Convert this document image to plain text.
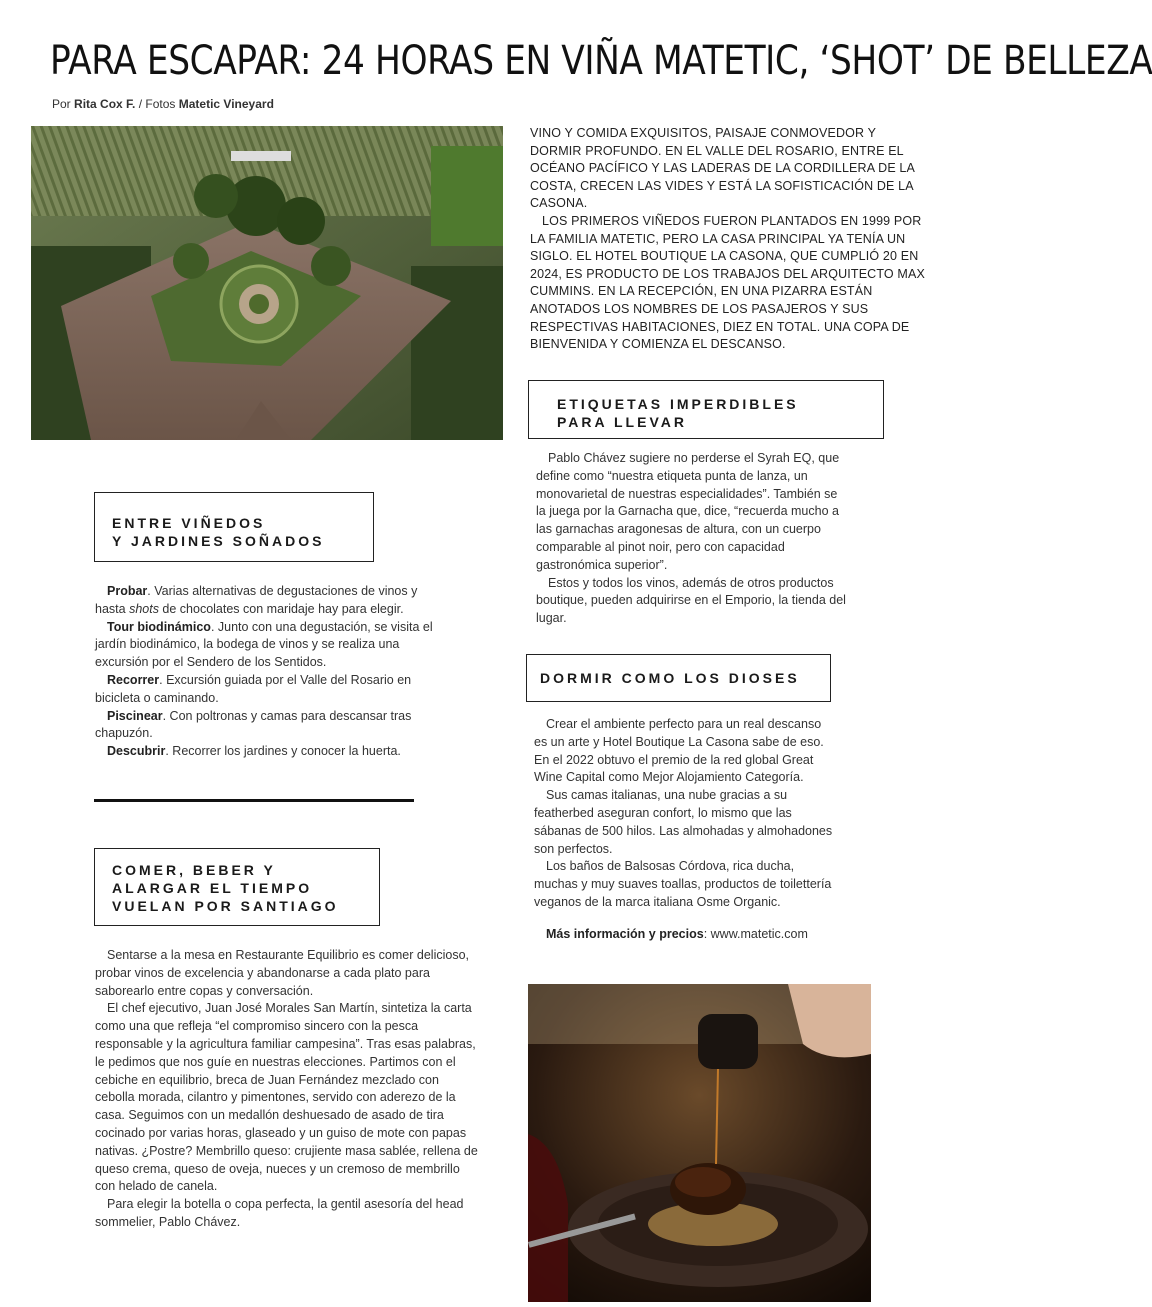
PARA ESCAPAR: 24 HORAS EN VIÑA MATETIC, ‘SHOT’ DE BELLEZA
Por Rita Cox F. / Fotos Matetic Vineyard

VINO Y COMIDA EXQUISITOS, PAISAJE CONMOVEDOR Y DORMIR PROFUNDO. EN EL VALLE DEL ROSARIO, ENTRE EL OCÉANO PACÍFICO Y LAS LADERAS DE LA CORDILLERA DE LA COSTA, CRECEN LAS VIDES Y ESTÁ LA SOFISTICACIÓN DE LA CASONA.

LOS PRIMEROS VIÑEDOS FUERON PLANTADOS EN 1999 POR LA FAMILIA MATETIC, PERO LA CASA PRINCIPAL YA TENÍA UN SIGLO. EL HOTEL BOUTIQUE LA CASONA, QUE CUMPLIÓ 20 EN 2024, ES PRODUCTO DE LOS TRABAJOS DEL ARQUITECTO MAX CUMMINS. EN LA RECEPCIÓN, EN UNA PIZARRA ESTÁN ANOTADOS LOS NOMBRES DE LOS PASAJEROS Y SUS RESPECTIVAS HABITACIONES, DIEZ EN TOTAL. UNA COPA DE BIENVENIDA Y COMIENZA EL DESCANSO.

ETIQUETAS IMPERDIBLES
PARA LLEVAR

Pablo Chávez sugiere no perderse el Syrah EQ, que define como “nuestra etiqueta punta de lanza, un monovarietal de nuestras especialidades”. También se la juega por la Garnacha que, dice, “recuerda mucho a las garnachas aragonesas de altura, con un cuerpo comparable al pinot noir, pero con capacidad gastronómica superior”.

Estos y todos los vinos, además de otros productos boutique, pueden adquirirse en el Emporio, la tienda del lugar.

DORMIR COMO LOS DIOSES

Crear el ambiente perfecto para un real descanso es un arte y Hotel Boutique La Casona sabe de eso. En el 2022 obtuvo el premio de la red global Great Wine Capital como Mejor Alojamiento Categoría.

Sus camas italianas, una nube gracias a su featherbed aseguran confort, lo mismo que las sábanas de 500 hilos. Las almohadas y almohadones son perfectos.

Los baños de Balsosas Córdova, rica ducha, muchas y muy suaves toallas, productos de toilettería veganos de la marca italiana Osme Organic.

Más información y precios: www.matetic.com

ENTRE VIÑEDOS
Y JARDINES SOÑADOS

Probar. Varias alternativas de degustaciones de vinos y hasta shots de chocolates con maridaje hay para elegir.

Tour biodinámico. Junto con una degustación, se visita el jardín biodinámico, la bodega de vinos y se realiza una excursión por el Sendero de los Sentidos.

Recorrer. Excursión guiada por el Valle del Rosario en bicicleta o caminando.

Piscinear. Con poltronas y camas para descansar tras chapuzón.

Descubrir. Recorrer los jardines y conocer la huerta.

COMER, BEBER Y
ALARGAR EL TIEMPO
VUELAN POR SANTIAGO

Sentarse a la mesa en Restaurante Equilibrio es comer delicioso, probar vinos de excelencia y abandonarse a cada plato para saborearlo entre copas y conversación.

El chef ejecutivo, Juan José Morales San Martín, sintetiza la carta como una que refleja “el compromiso sincero con la pesca responsable y la agricultura familiar campesina”. Tras esas palabras, le pedimos que nos guíe en nuestras elecciones. Partimos con el cebiche en equilibrio, breca de Juan Fernández mezclado con cebolla morada, cilantro y pimentones, servido con aderezo de la casa. Seguimos con un medallón deshuesado de asado de tira cocinado por varias horas, glaseado y un guiso de mote con papas nativas. ¿Postre? Membrillo queso: crujiente masa sablée, rellena de queso crema, queso de oveja, nueces y un cremoso de membrillo con helado de canela.

Para elegir la botella o copa perfecta, la gentil asesoría del head sommelier, Pablo Chávez.
